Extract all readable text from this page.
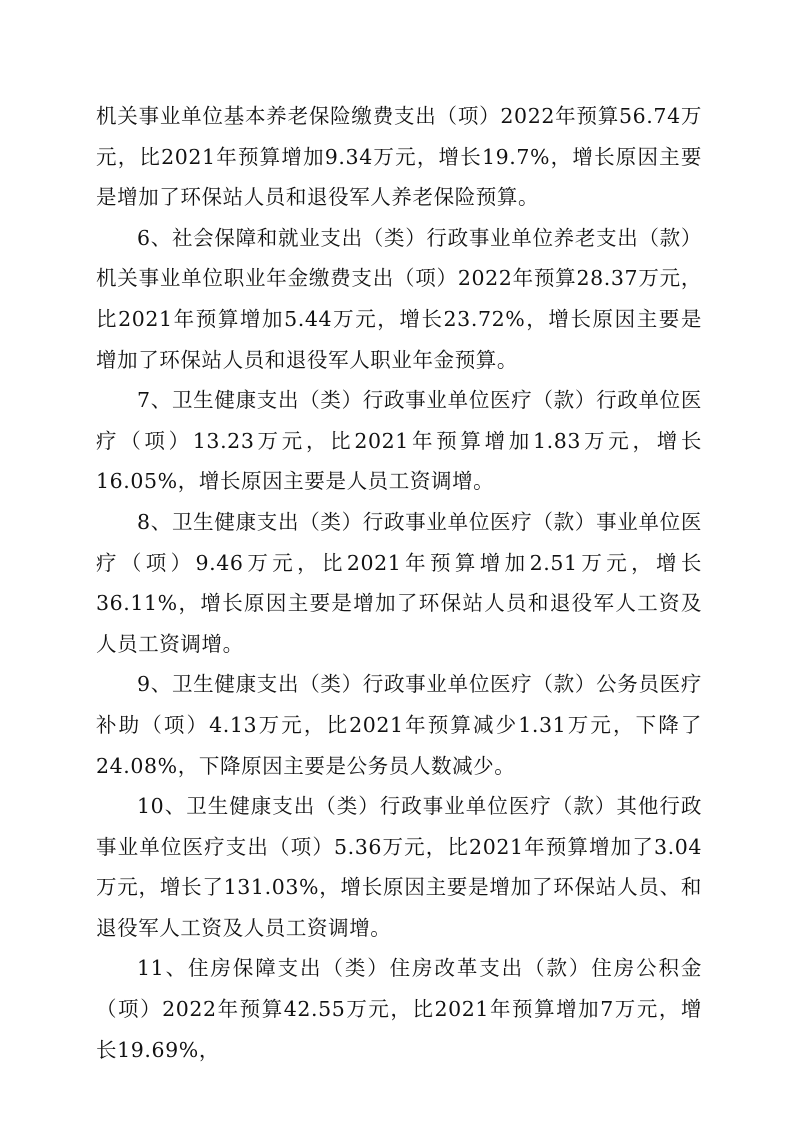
机关事业单位基本养老保险缴费支出（项）2022年预算56.74万元，比2021年预算增加9.34万元，增长19.7%，增长原因主要是增加了环保站人员和退役军人养老保险预算。

6、社会保障和就业支出（类）行政事业单位养老支出（款）机关事业单位职业年金缴费支出（项）2022年预算28.37万元，比2021年预算增加5.44万元，增长23.72%，增长原因主要是增加了环保站人员和退役军人职业年金预算。

7、卫生健康支出（类）行政事业单位医疗（款）行政单位医疗（项）13.23万元，比2021年预算增加1.83万元，增长16.05%，增长原因主要是人员工资调增。

8、卫生健康支出（类）行政事业单位医疗（款）事业单位医疗（项）9.46万元，比2021年预算增加2.51万元，增长36.11%，增长原因主要是增加了环保站人员和退役军人工资及人员工资调增。

9、卫生健康支出（类）行政事业单位医疗（款）公务员医疗补助（项）4.13万元，比2021年预算减少1.31万元，下降了24.08%，下降原因主要是公务员人数减少。

10、卫生健康支出（类）行政事业单位医疗（款）其他行政事业单位医疗支出（项）5.36万元，比2021年预算增加了3.04万元，增长了131.03%，增长原因主要是增加了环保站人员、和退役军人工资及人员工资调增。

11、住房保障支出（类）住房改革支出（款）住房公积金（项）2022年预算42.55万元，比2021年预算增加7万元，增长19.69%，
